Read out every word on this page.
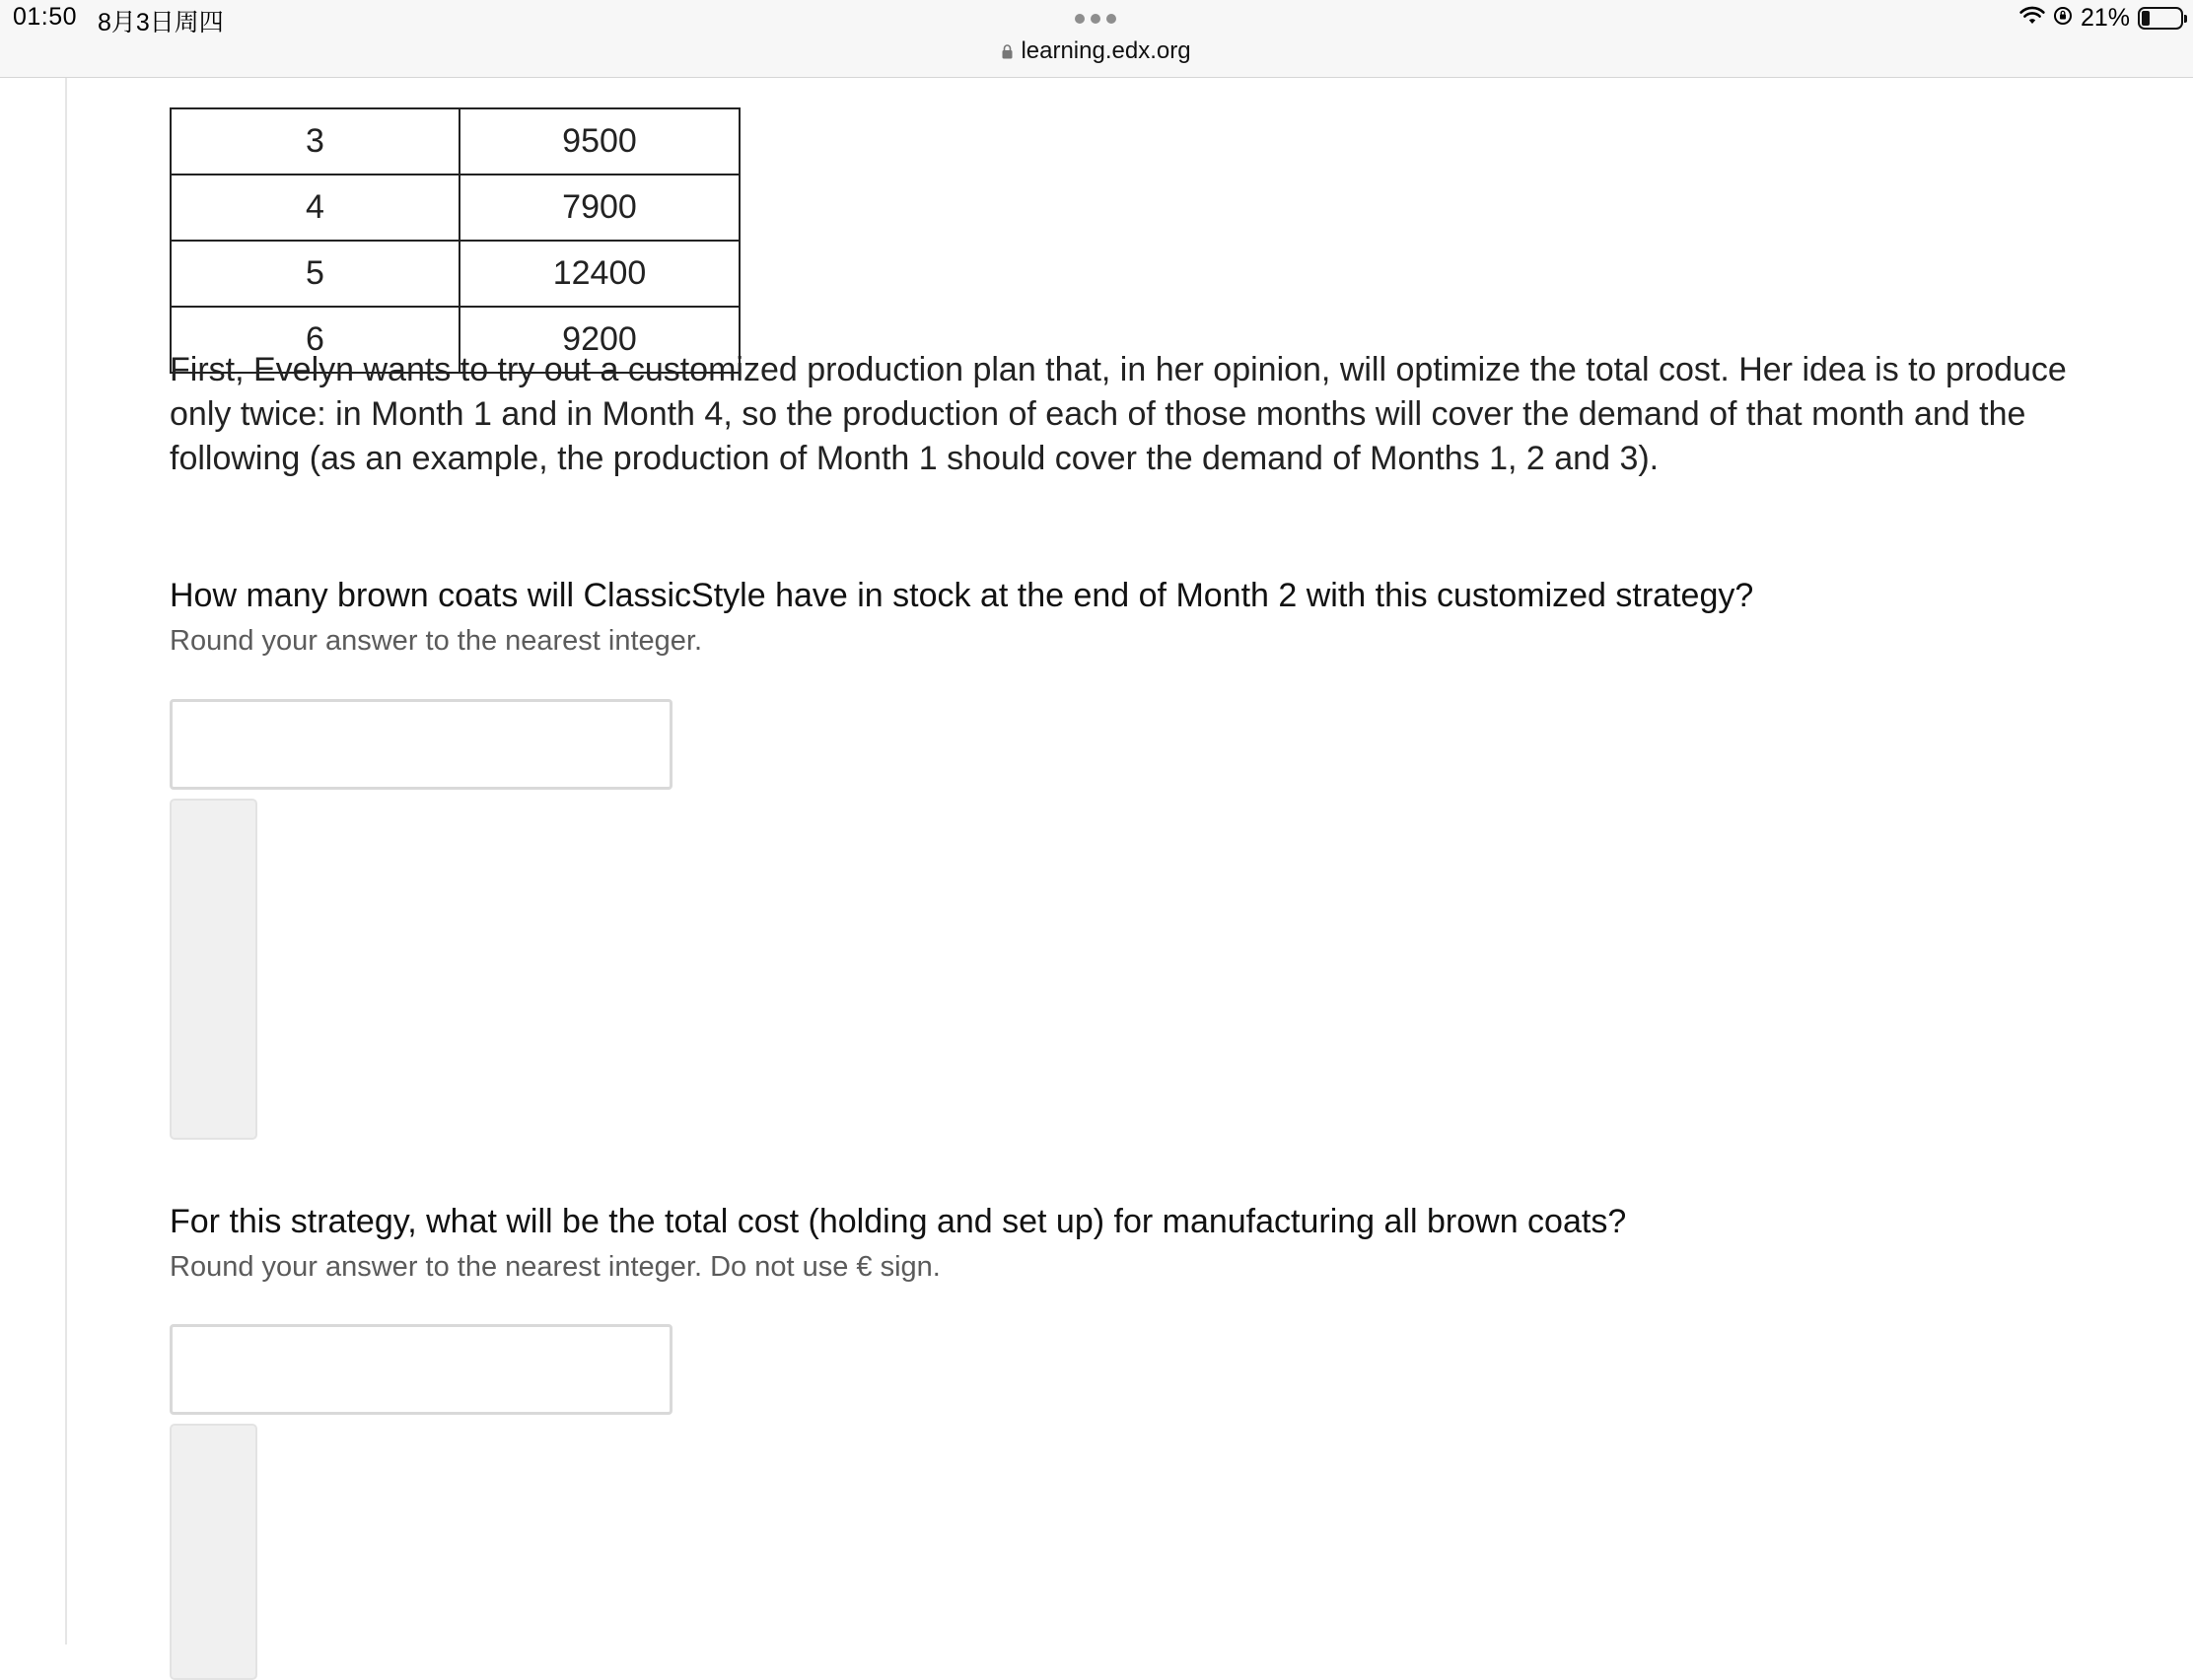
01:50 8月3日周四
learning.edx.org
21%
3	9500
4	7900
5	12400
6	9200
First, Evelyn wants to try out a customized production plan that, in her opinion, will optimize the total cost. Her idea is to produce only twice: in Month 1 and in Month 4, so the production of each of those months will cover the demand of that month and the following (as an example, the production of Month 1 should cover the demand of Months 1, 2 and 3).
How many brown coats will ClassicStyle have in stock at the end of Month 2 with this customized strategy?
Round your answer to the nearest integer.
For this strategy, what will be the total cost (holding and set up) for manufacturing all brown coats?
Round your answer to the nearest integer. Do not use € sign.
